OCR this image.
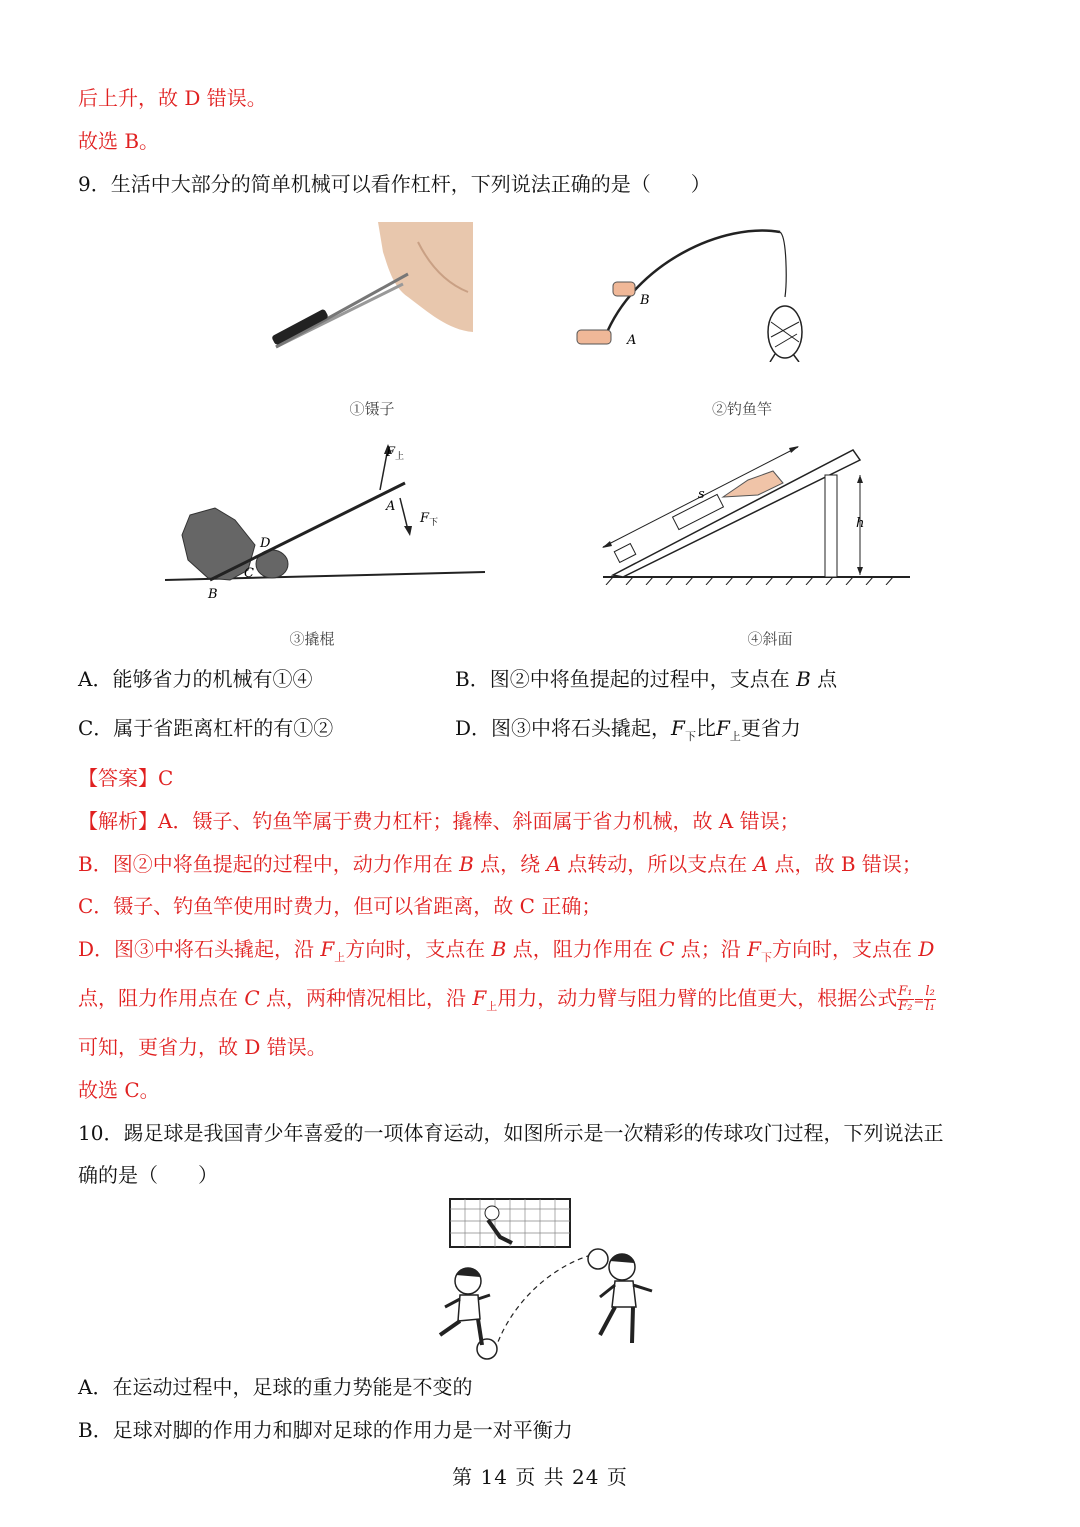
后上升，故 D 错误。
故选 B。
9．生活中大部分的简单机械可以看作杠杆，下列说法正确的是（　　）
①镊子
B
A
②钓鱼竿
$F_上$
$F_下$
A
D
C
B
③撬棍
h
s
④斜面
A．能够省力的机械有①④	B．图②中将鱼提起的过程中，支点在 B 点
C．属于省距离杠杆的有①②	D．图③中将石头撬起，$F_下$比$F_上$更省力
【答案】C
【解析】A．镊子、钓鱼竿属于费力杠杆；撬棒、斜面属于省力机械，故 A 错误；
B．图②中将鱼提起的过程中，动力作用在 B 点，绕 A 点转动，所以支点在 A 点，故 B 错误；
C．镊子、钓鱼竿使用时费力，但可以省距离，故 C 正确；
D．图③中将石头撬起，沿 $F_上$方向时，支点在 B 点，阻力作用在 C 点；沿 $F_下$方向时，支点在 D
点，阻力作用点在 C 点，两种情况相比，沿 $F_上$用力，动力臂与阻力臂的比值更大，根据公式 $\frac{\text{F₁}}{\text{F₂}} = \frac{\text{l₂}}{\text{l₁}}$
可知，更省力，故 D 错误。
故选 C。
10．踢足球是我国青少年喜爱的一项体育运动，如图所示是一次精彩的传球攻门过程，下列说法正
确的是（　　）
A．在运动过程中，足球的重力势能是不变的
B．足球对脚的作用力和脚对足球的作用力是一对平衡力
第 14 页 共 24 页
